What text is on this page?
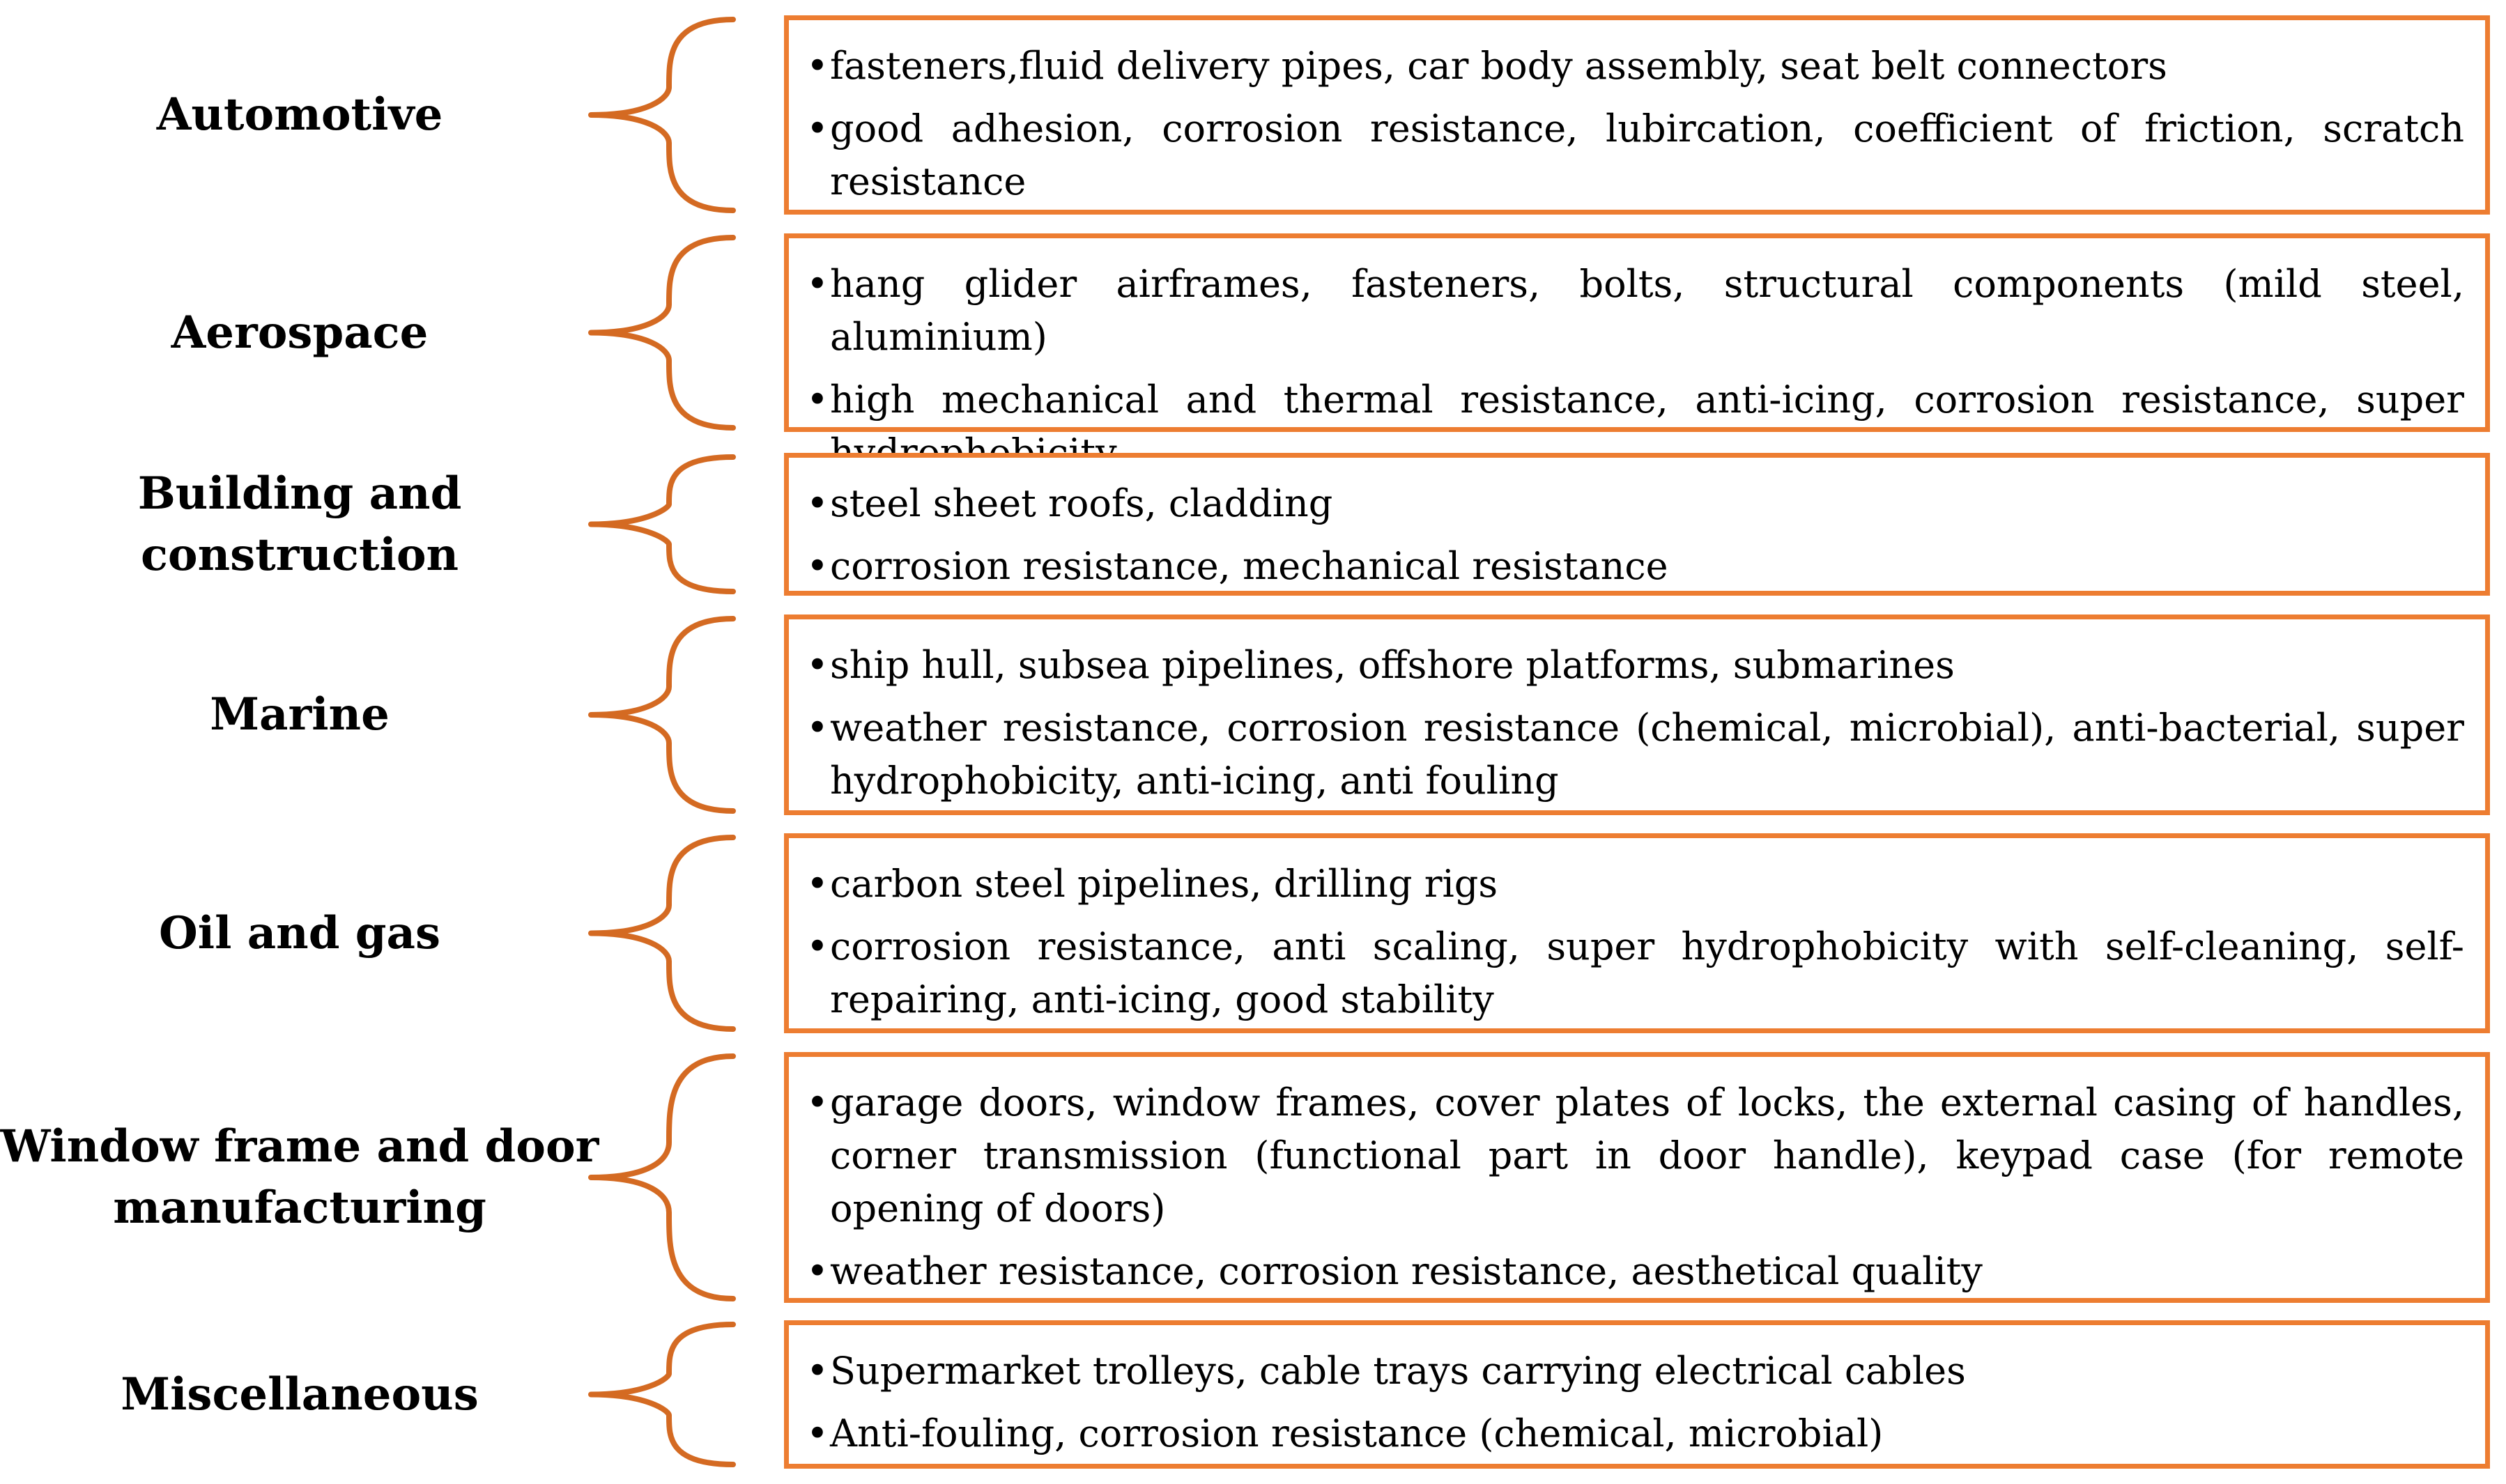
Automotive
• fasteners,fluid delivery pipes, car body assembly, seat belt connectors
• good adhesion, corrosion resistance, lubircation, coefficient of friction, scratch resistance
Aerospace
• hang glider airframes, fasteners, bolts, structural components (mild steel, aluminium)
• high mechanical and thermal resistance, anti-icing, corrosion resistance, super
Building and
construction
• steel sheet roofs, cladding
• corrosion resistance, mechanical resistance
Marine
• ship hull, subsea pipelines, offshore platforms, submarines
• weather resistance, corrosion resistance (chemical, microbial), anti-bacterial, super hydrophobicity, anti-icing, anti fouling
Oil and gas
• carbon steel pipelines, drilling rigs
• corrosion resistance, anti scaling, super hydrophobicity with self-cleaning, self-repairing, anti-icing, good stability
Window frame and door
manufacturing
• garage doors, window frames, cover plates of locks, the external casing of handles, corner transmission (functional part in door handle), keypad case (for remote opening of doors)
• weather resistance, corrosion resistance, aesthetical quality
Miscellaneous	• Supermarket trolleys, cable trays carrying electrical cables
• Anti-fouling, corrosion resistance (chemical, microbial)
